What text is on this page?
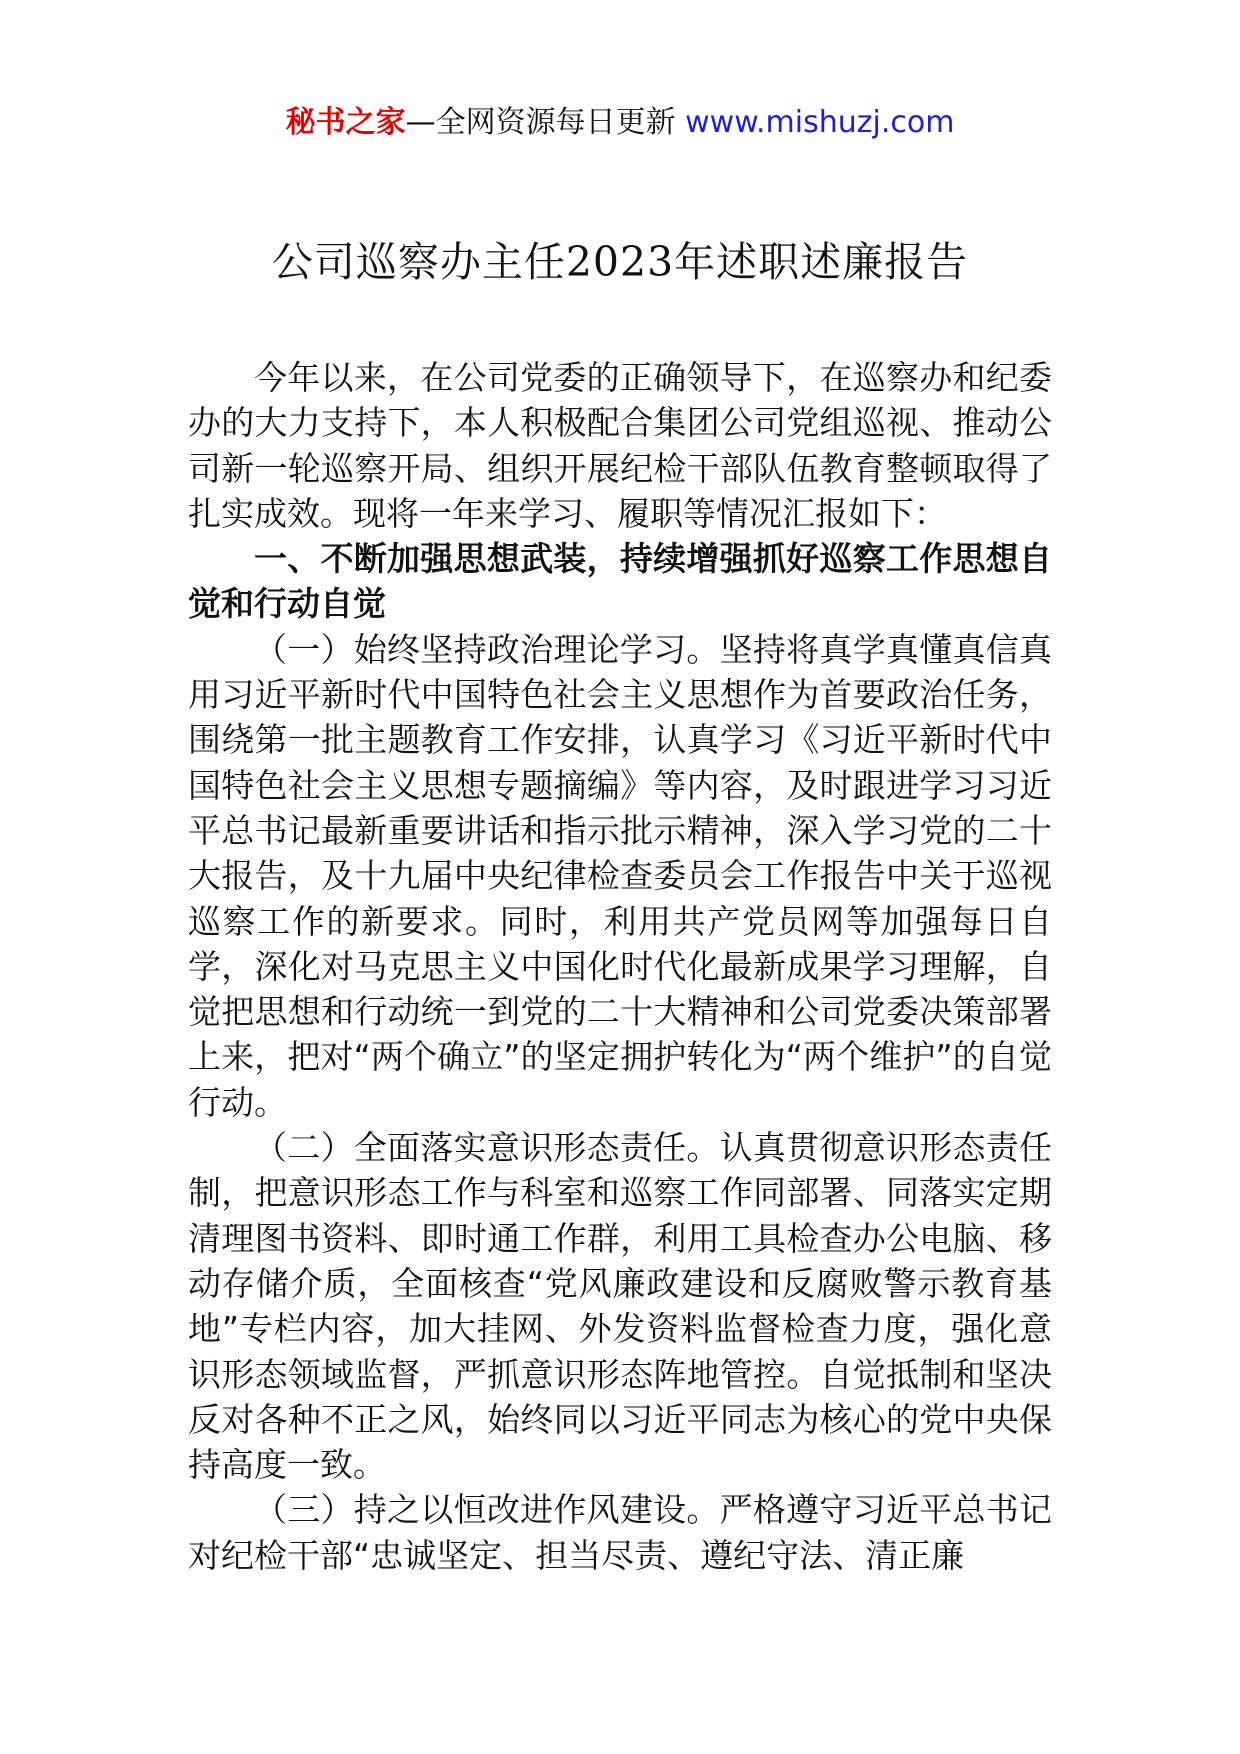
秘书之家—全网资源每日更新 www.mishuzj.com
公司巡察办主任2023年述职述廉报告

今年以来，在公司党委的正确领导下，在巡察办和纪委办的大力支持下，本人积极配合集团公司党组巡视、推动公司新一轮巡察开局、组织开展纪检干部队伍教育整顿取得了扎实成效。现将一年来学习、履职等情况汇报如下：

一、不断加强思想武装，持续增强抓好巡察工作思想自觉和行动自觉

（一）始终坚持政治理论学习。坚持将真学真懂真信真用习近平新时代中国特色社会主义思想作为首要政治任务，围绕第一批主题教育工作安排，认真学习《习近平新时代中国特色社会主义思想专题摘编》等内容，及时跟进学习习近平总书记最新重要讲话和指示批示精神，深入学习党的二十大报告，及十九届中央纪律检查委员会工作报告中关于巡视巡察工作的新要求。同时，利用共产党员网等加强每日自学，深化对马克思主义中国化时代化最新成果学习理解，自觉把思想和行动统一到党的二十大精神和公司党委决策部署上来，把对“两个确立”的坚定拥护转化为“两个维护”的自觉行动。

（二）全面落实意识形态责任。认真贯彻意识形态责任制，把意识形态工作与科室和巡察工作同部署、同落实定期清理图书资料、即时通工作群，利用工具检查办公电脑、移动存储介质，全面核查“党风廉政建设和反腐败警示教育基地”专栏内容，加大挂网、外发资料监督检查力度，强化意识形态领域监督，严抓意识形态阵地管控。自觉抵制和坚决反对各种不正之风，始终同以习近平同志为核心的党中央保持高度一致。

（三）持之以恒改进作风建设。严格遵守习近平总书记对纪检干部“忠诚坚定、担当尽责、遵纪守法、清正廉
